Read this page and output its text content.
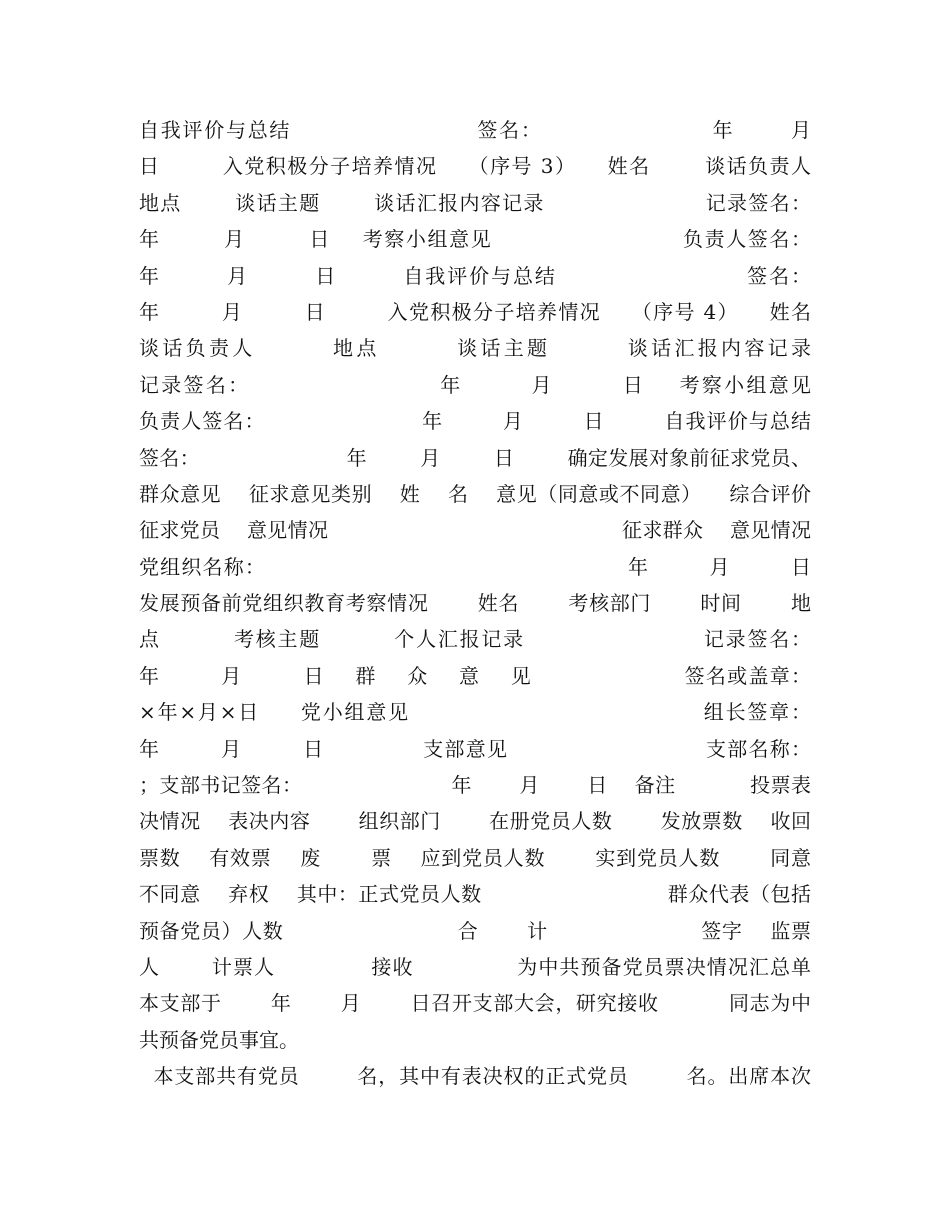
自我评价与总结                       签名：                     年       月
日        入党积极分子培养情况    （序号 3）    姓名       谈话负责人
地点       谈话主题       谈话汇报内容记录                     记录签名：
年        月        日    考察小组意见                        负责人签名：
年        月        日        自我评价与总结                       签名：
年        月        日        入党积极分子培养情况    （序号 4）    姓名
谈话负责人        地点        谈话主题        谈话汇报内容记录
记录签名：                      年        月        日    考察小组意见
负责人签名：                     年        月        日        自我评价与总结
签名：                      年        月        日        确定发展对象前征求党员、
群众意见    征求意见类别    姓    名    意见（同意或不同意）    综合评价
征求党员    意见情况                                            征求群众    意见情况
党组织名称：                                                年        月        日
发展预备前党组织教育考察情况       姓名       考核部门       时间       地
点         考核主题         个人汇报记录                      记录签名：
年        月        日    群    众    意    见                    签名或盖章：
×年×月×日     党小组意见                                    组长签章：
年        月        日             支部意见                          支部名称：
；支部书记签名：                      年       月       日    备注           投票表
决情况    表决内容       组织部门       在册党员人数       发放票数    收回
票数    有效票    废       票    应到党员人数       实到党员人数       同意
不同意    弃权    其中：正式党员人数                           群众代表（包括
预备党员）人数                         合       计                      签字    监票
人       计票人             接收              为中共预备党员票决情况汇总单
本支部于       年       月       日召开支部大会，研究接收          同志为中
共预备党员事宜。
本支部共有党员        名，其中有表决权的正式党员        名。出席本次
